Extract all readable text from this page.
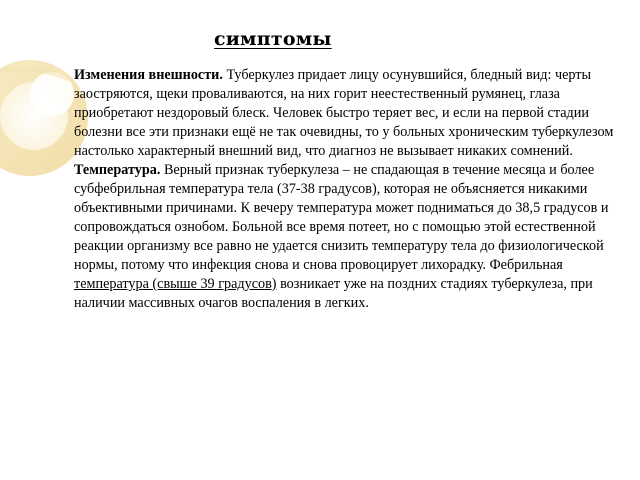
симптомы

Изменения внешности. Туберкулез придает лицу осунувшийся, бледный вид: черты заостряются, щеки проваливаются, на них горит неестественный румянец, глаза приобретают нездоровый блеск. Человек быстро теряет вес, и если на первой стадии болезни все эти признаки ещё не так очевидны, то у больных хроническим туберкулезом настолько характерный внешний вид, что диагноз не вызывает никаких сомнений.

Температура. Верный признак туберкулеза – не спадающая в течение месяца и более субфебрильная температура тела (37-38 градусов), которая не объясняется никакими объективными причинами. К вечеру температура может подниматься до 38,5 градусов и сопровождаться ознобом. Больной все время потеет, но с помощью этой естественной реакции организму все равно не удается снизить температуру тела до физиологической нормы, потому что инфекция снова и снова провоцирует лихорадку. Фебрильная температура (свыше 39 градусов) возникает уже на поздних стадиях туберкулеза, при наличии массивных очагов воспаления в легких.
